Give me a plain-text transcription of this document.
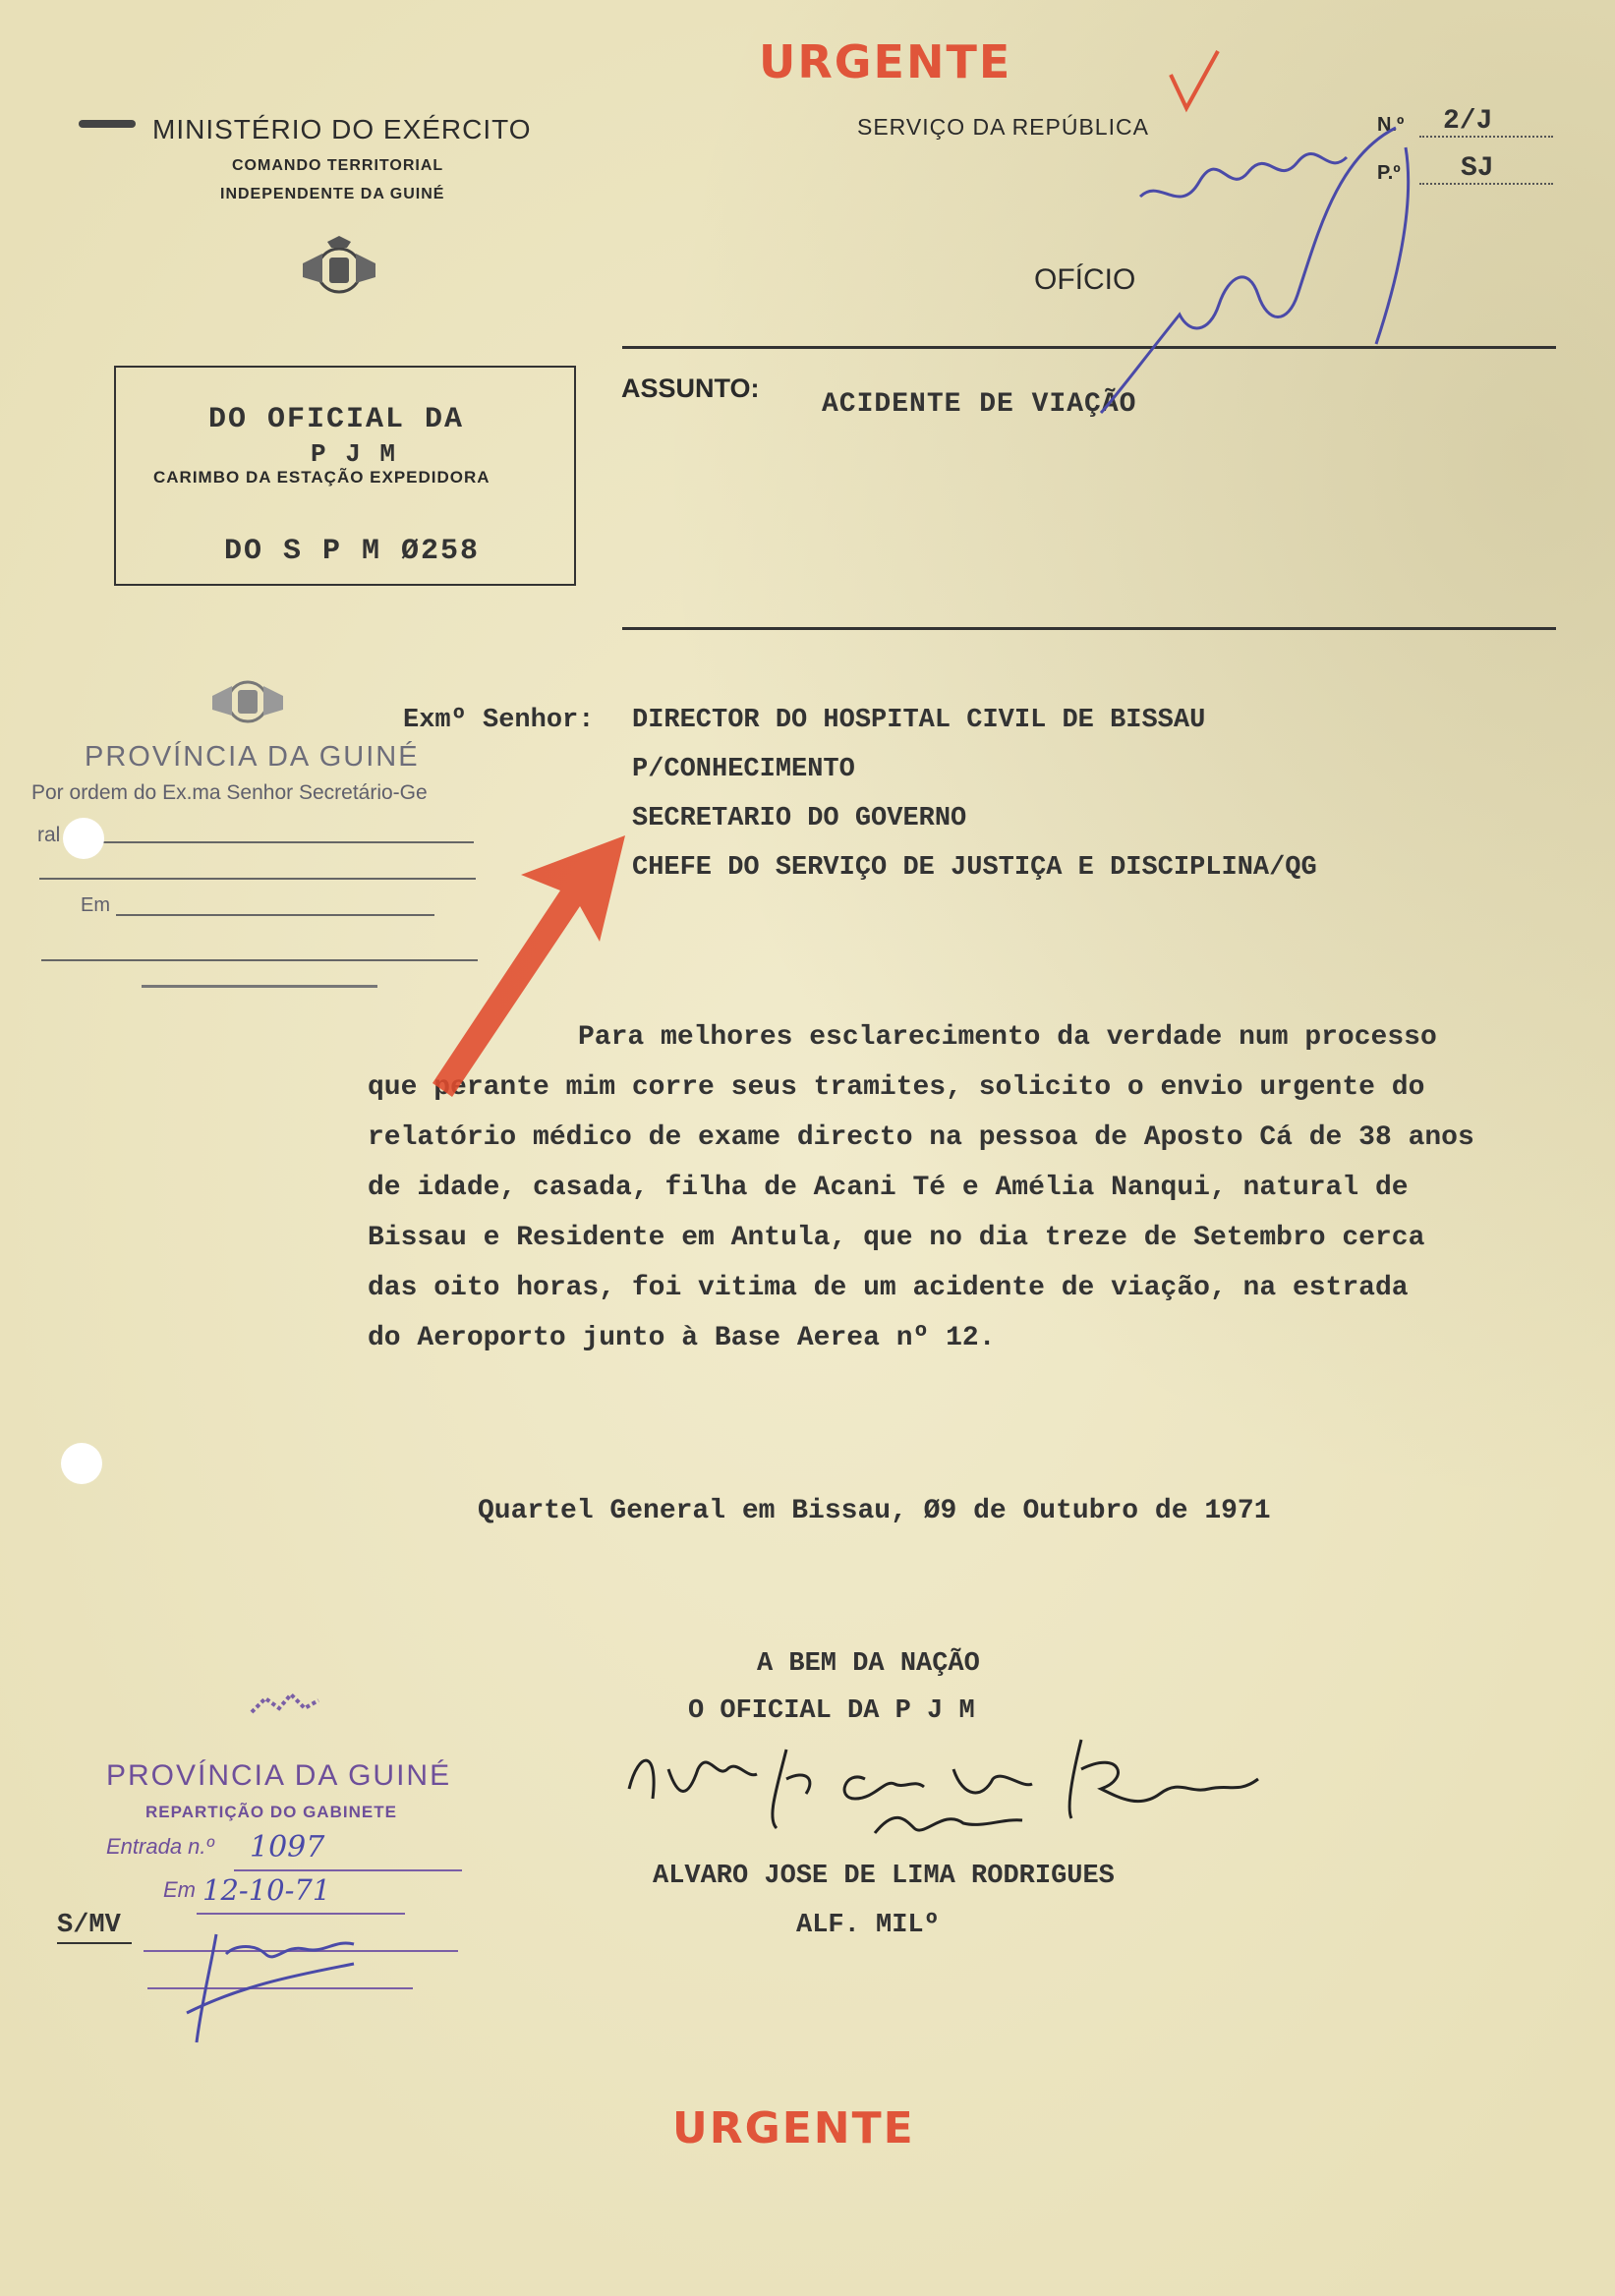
URGENTE
MINISTÉRIO DO EXÉRCITO
COMANDO TERRITORIAL
INDEPENDENTE DA GUINÉ
SERVIÇO DA REPÚBLICA	N.º 2/J
P.º SJ
OFÍCIO
DO OFICIAL DA
P J M
CARIMBO DA ESTAÇÃO EXPEDIDORA
DO S P M Ø258
ASSUNTO:
ACIDENTE DE VIAÇÃO
PROVÍNCIA DA GUINÉ
Por ordem do Ex.ma Senhor Secretário-Ge
ral
Em
Exmº Senhor: DIRECTOR DO HOSPITAL CIVIL DE BISSAU
P/CONHECIMENTO
SECRETARIO DO GOVERNO
CHEFE DO SERVIÇO DE JUSTIÇA E DISCIPLINA/QG
Para melhores esclarecimento da verdade num processo
que perante mim corre seus tramites, solicito o envio urgente do
relatório médico de exame directo na pessoa de Aposto Cá de 38 anos
de idade, casada, filha de Acani Té e Amélia Nanqui, natural de
Bissau e Residente em Antula, que no dia treze de Setembro cerca
das oito horas, foi vitima de um acidente de viação, na estrada
do Aeroporto junto à Base Aerea nº 12.
Quartel General em Bissau, Ø9 de Outubro de 1971
A BEM DA NAÇÃO
O OFICIAL DA P J M
ALVARO JOSE DE LIMA RODRIGUES
ALF. MILº
PROVÍNCIA DA GUINÉ
REPARTIÇÃO DO GABINETE
Entrada n.º 1097
Em 12-10-71
S/MV
URGENTE
